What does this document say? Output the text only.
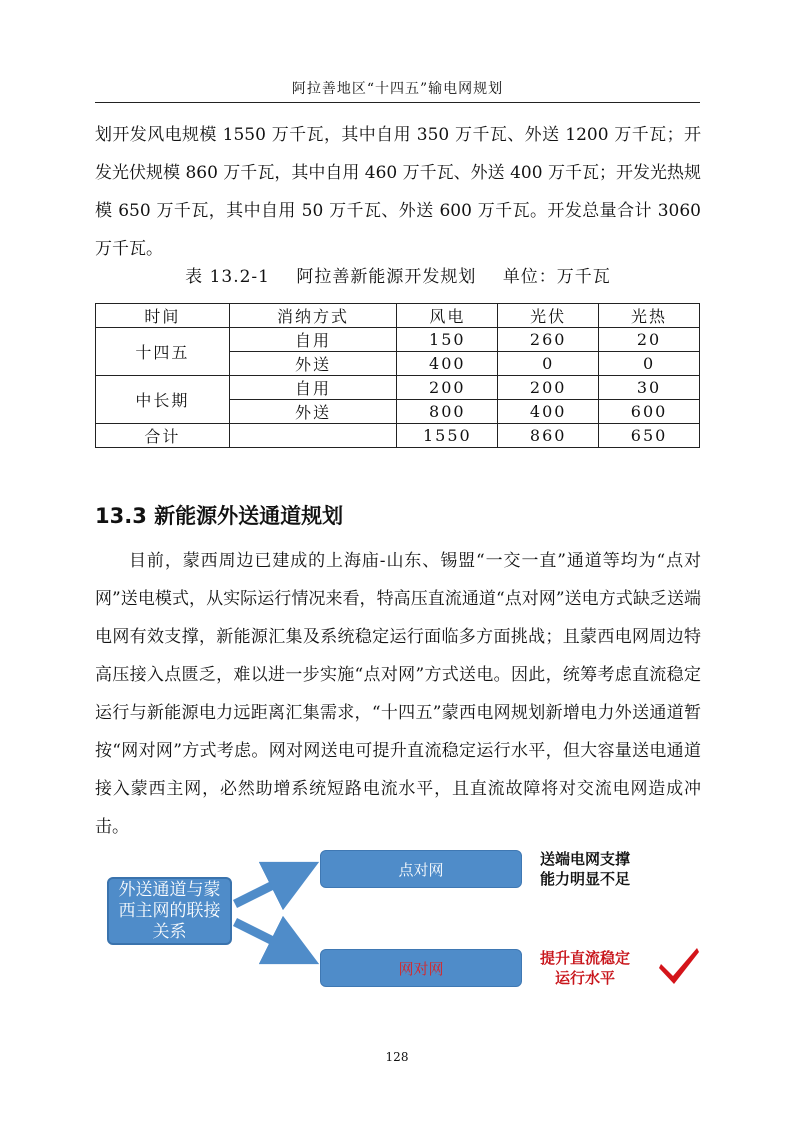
阿拉善地区“十四五”输电网规划

划开发风电规模 1550 万千瓦，其中自用 350 万千瓦、外送 1200 万千瓦；开发光伏规模 860 万千瓦，其中自用 460 万千瓦、外送 400 万千瓦；开发光热规模 650 万千瓦，其中自用 50 万千瓦、外送 600 万千瓦。开发总量合计 3060 万千瓦。

表 13.2-1 阿拉善新能源开发规划 单位：万千瓦
时间	消纳方式	风电	光伏	光热
十四五	自用	150	260	20
	外送	400	0	0
中长期	自用	200	200	30
	外送	800	400	600
合计		1550	860	650
13.3 新能源外送通道规划

目前，蒙西周边已建成的上海庙-山东、锡盟“一交一直”通道等均为“点对网”送电模式，从实际运行情况来看，特高压直流通道“点对网”送电方式缺乏送端电网有效支撑，新能源汇集及系统稳定运行面临多方面挑战；且蒙西电网周边特高压接入点匮乏，难以进一步实施“点对网”方式送电。因此，统筹考虑直流稳定运行与新能源电力远距离汇集需求，“十四五”蒙西电网规划新增电力外送通道暂按“网对网”方式考虑。网对网送电可提升直流稳定运行水平，但大容量送电通道接入蒙西主网，必然助增系统短路电流水平，且直流故障将对交流电网造成冲击。

外送通道与蒙西主网的联接关系
点对网
网对网
送端电网支撑
能力明显不足
提升直流稳定
运行水平
128
